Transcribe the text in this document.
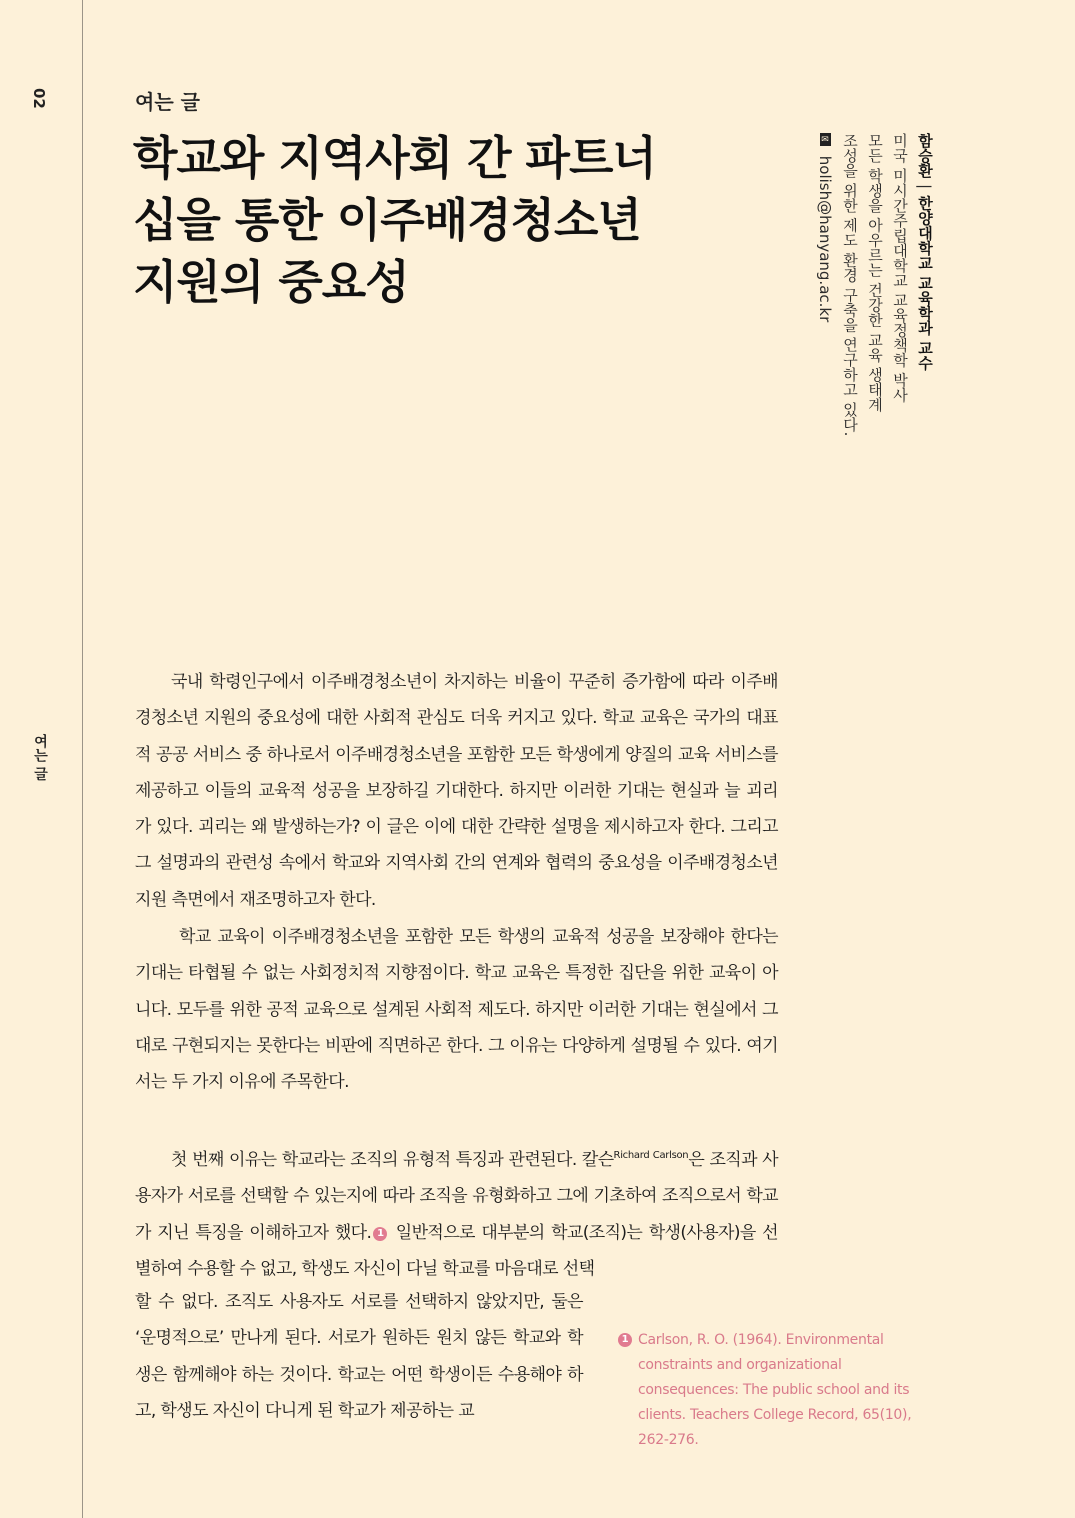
02
여는 글
여는 글
학교와 지역사회 간 파트너십을 통한 이주배경청소년 지원의 중요성
함승환|한양대학교 교육학과 교수
미국 미시간주립대학교 교육정책학 박사
모든 학생을 아우르는 건강한 교육 생태계
조성을 위한 제도 환경 구축을 연구하고 있다.
✉ holish@hanyang.ac.kr

국내 학령인구에서 이주배경청소년이 차지하는 비율이 꾸준히 증가함에 따라 이주배경청소년 지원의 중요성에 대한 사회적 관심도 더욱 커지고 있다. 학교 교육은 국가의 대표적 공공 서비스 중 하나로서 이주배경청소년을 포함한 모든 학생에게 양질의 교육 서비스를 제공하고 이들의 교육적 성공을 보장하길 기대한다. 하지만 이러한 기대는 현실과 늘 괴리가 있다. 괴리는 왜 발생하는가? 이 글은 이에 대한 간략한 설명을 제시하고자 한다. 그리고 그 설명과의 관련성 속에서 학교와 지역사회 간의 연계와 협력의 중요성을 이주배경청소년 지원 측면에서 재조명하고자 한다.

학교 교육이 이주배경청소년을 포함한 모든 학생의 교육적 성공을 보장해야 한다는 기대는 타협될 수 없는 사회정치적 지향점이다. 학교 교육은 특정한 집단을 위한 교육이 아니다. 모두를 위한 공적 교육으로 설계된 사회적 제도다. 하지만 이러한 기대는 현실에서 그대로 구현되지는 못한다는 비판에 직면하곤 한다. 그 이유는 다양하게 설명될 수 있다. 여기서는 두 가지 이유에 주목한다.

첫 번째 이유는 학교라는 조직의 유형적 특징과 관련된다. 칼슨$^{Richard Carlson}$은 조직과 사용자가 서로를 선택할 수 있는지에 따라 조직을 유형화하고 그에 기초하여 조직으로서 학교가 지닌 특징을 이해하고자 했다. 1 일반적으로 대부분의 학교(조직)는 학생(사용자)을 선별하여 수용할 수 없고, 학생도 자신이 다닐 학교를 마음대로 선택

할 수 없다. 조직도 사용자도 서로를 선택하지 않았지만, 둘은 ‘운명적으로’ 만나게 된다. 서로가 원하든 원치 않든 학교와 학생은 함께해야 하는 것이다. 학교는 어떤 학생이든 수용해야 하고, 학생도 자신이 다니게 된 학교가 제공하는 교

1 Carlson, R. O. (1964). Environmental constraints and organizational consequences: The public school and its clients. Teachers College Record, 65(10), 262-276.
